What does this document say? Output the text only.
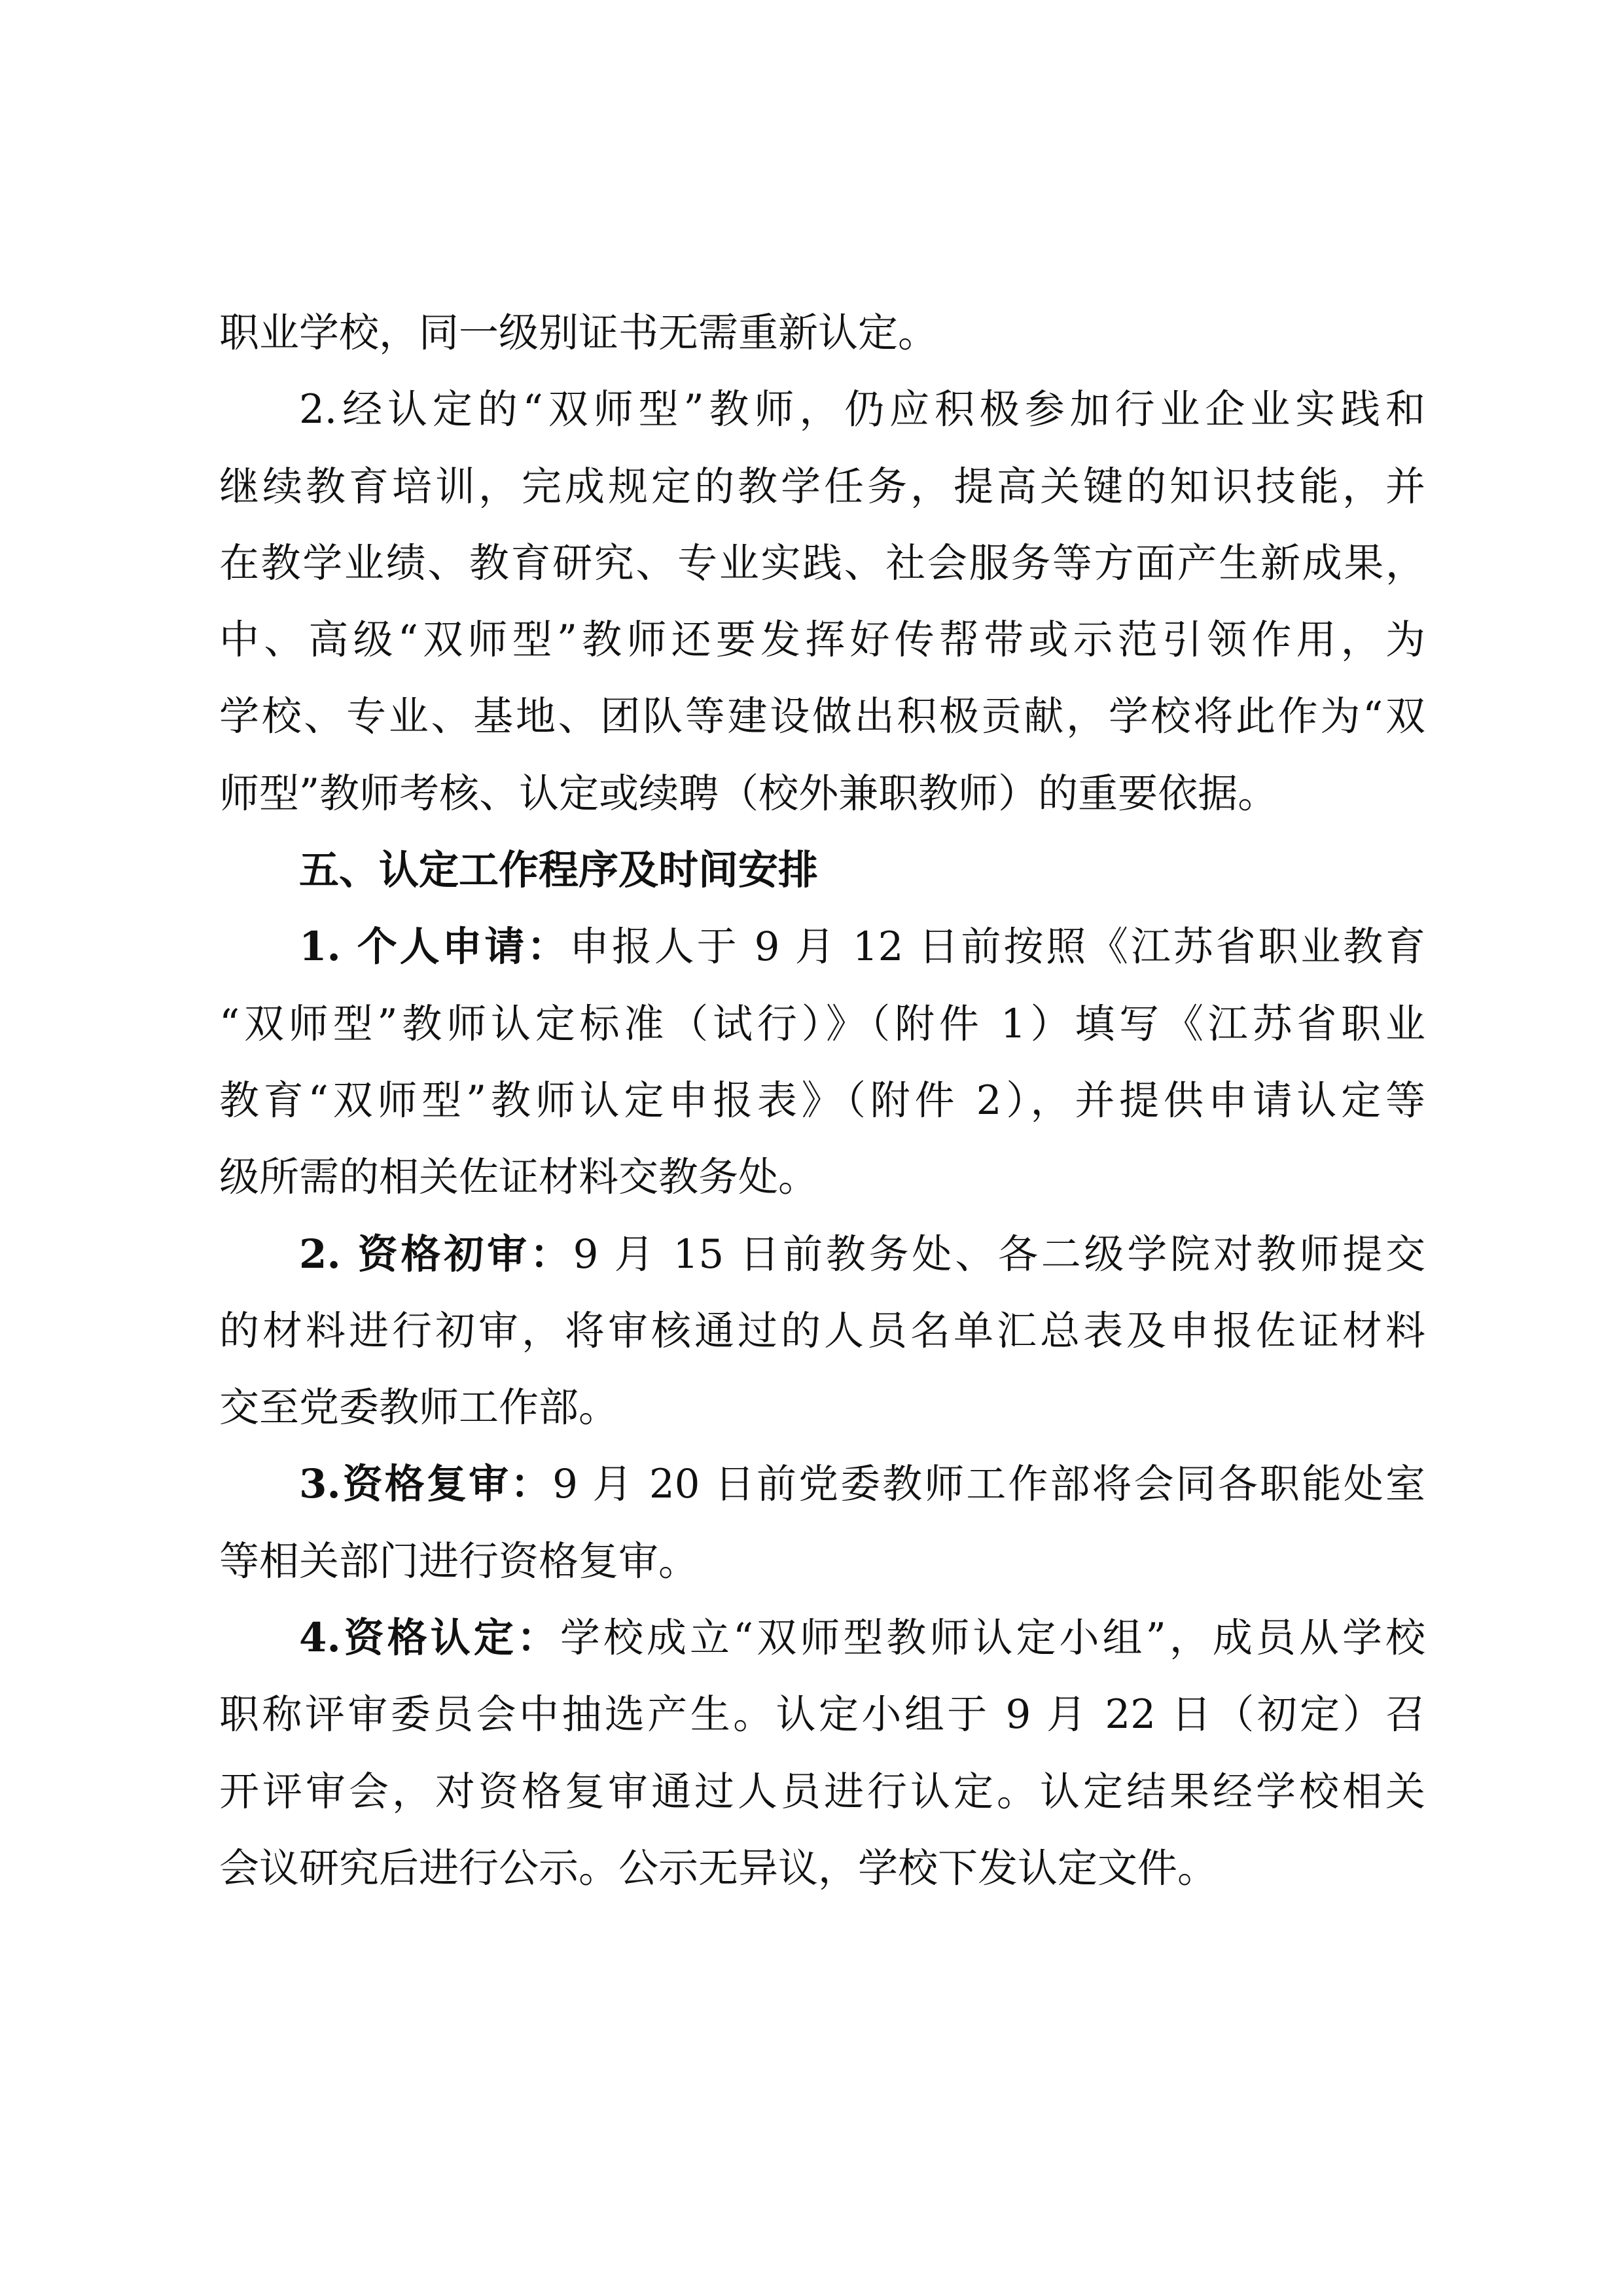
职业学校，同一级别证书无需重新认定。
2.经认定的“双师型”教师，仍应积极参加行业企业实践和
继续教育培训，完成规定的教学任务，提高关键的知识技能，并
在教学业绩、教育研究、专业实践、社会服务等方面产生新成果，
中、高级“双师型”教师还要发挥好传帮带或示范引领作用，为
学校、专业、基地、团队等建设做出积极贡献，学校将此作为“双
师型”教师考核、认定或续聘（校外兼职教师）的重要依据。
五、认定工作程序及时间安排
1. 个人申请：申报人于 9 月 12 日前按照《江苏省职业教育
“双师型”教师认定标准（试行）》（附件 1）填写《江苏省职业
教育“双师型”教师认定申报表》（附件 2），并提供申请认定等
级所需的相关佐证材料交教务处。
2. 资格初审：9 月 15 日前教务处、各二级学院对教师提交
的材料进行初审，将审核通过的人员名单汇总表及申报佐证材料
交至党委教师工作部。
3.资格复审：9 月 20 日前党委教师工作部将会同各职能处室
等相关部门进行资格复审。
4.资格认定：学校成立“双师型教师认定小组”，成员从学校
职称评审委员会中抽选产生。认定小组于 9 月 22 日（初定）召
开评审会，对资格复审通过人员进行认定。认定结果经学校相关
会议研究后进行公示。公示无异议，学校下发认定文件。
